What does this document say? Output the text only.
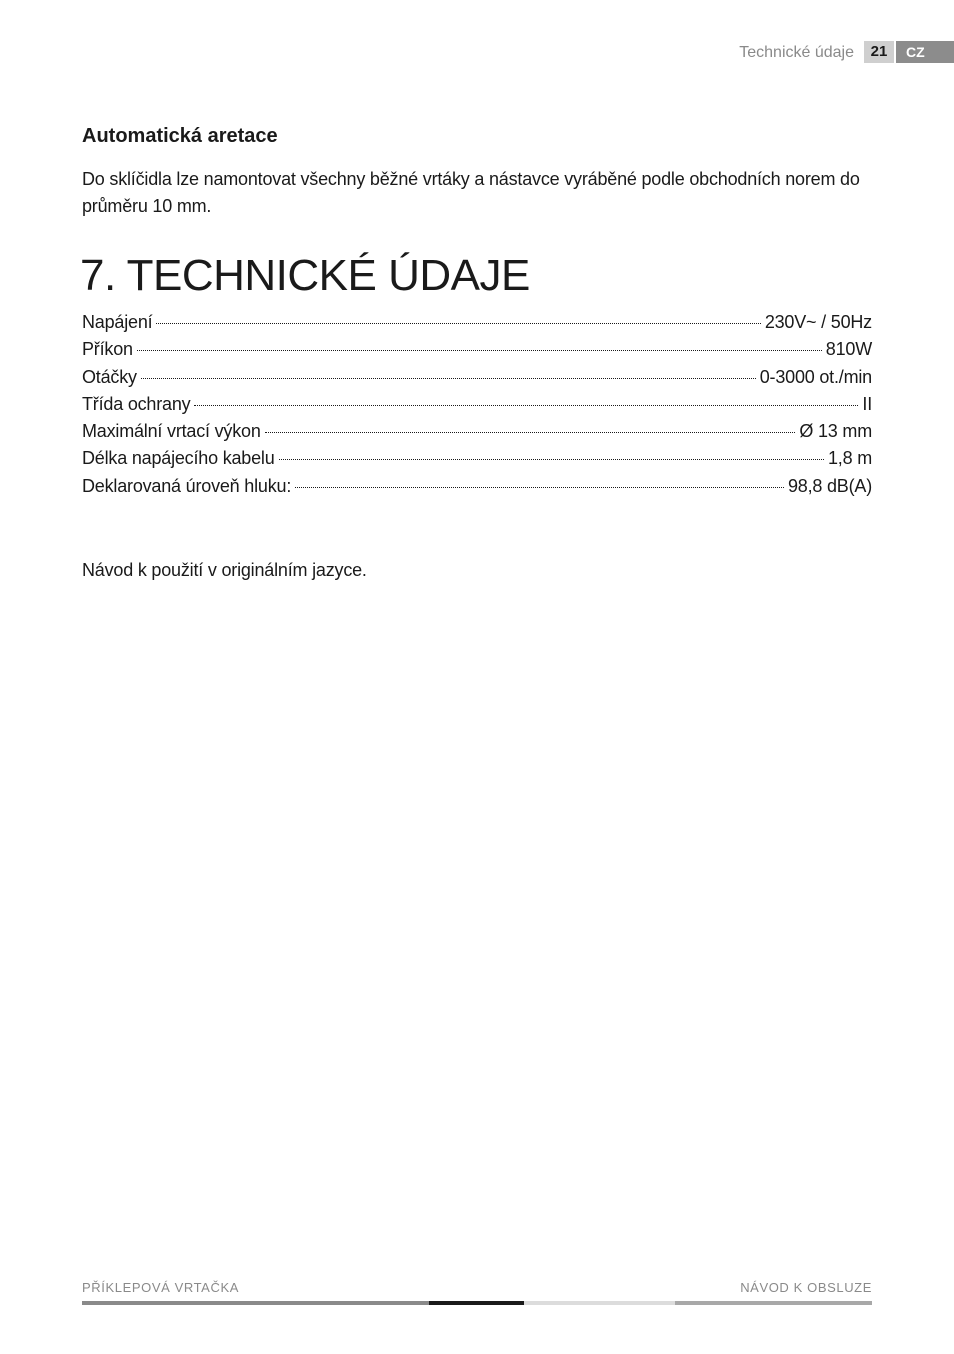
Technické údaje	21	CZ
Automatická aretace

Do sklíčidla lze namontovat všechny běžné vrtáky a nástavce vyráběné podle obchodních norem do průměru 10 mm.

7. TECHNICKÉ ÚDAJE
Napájení	230V~ / 50Hz
Příkon	810W
Otáčky	0-3000 ot./min
Třída ochrany	II
Maximální vrtací výkon	Ø 13 mm
Délka napájecího kabelu	1,8 m
Deklarovaná úroveň hluku:	98,8 dB(A)

Návod k použití v originálním jazyce.

PŘÍKLEPOVÁ VRTAČKA	NÁVOD K OBSLUZE
